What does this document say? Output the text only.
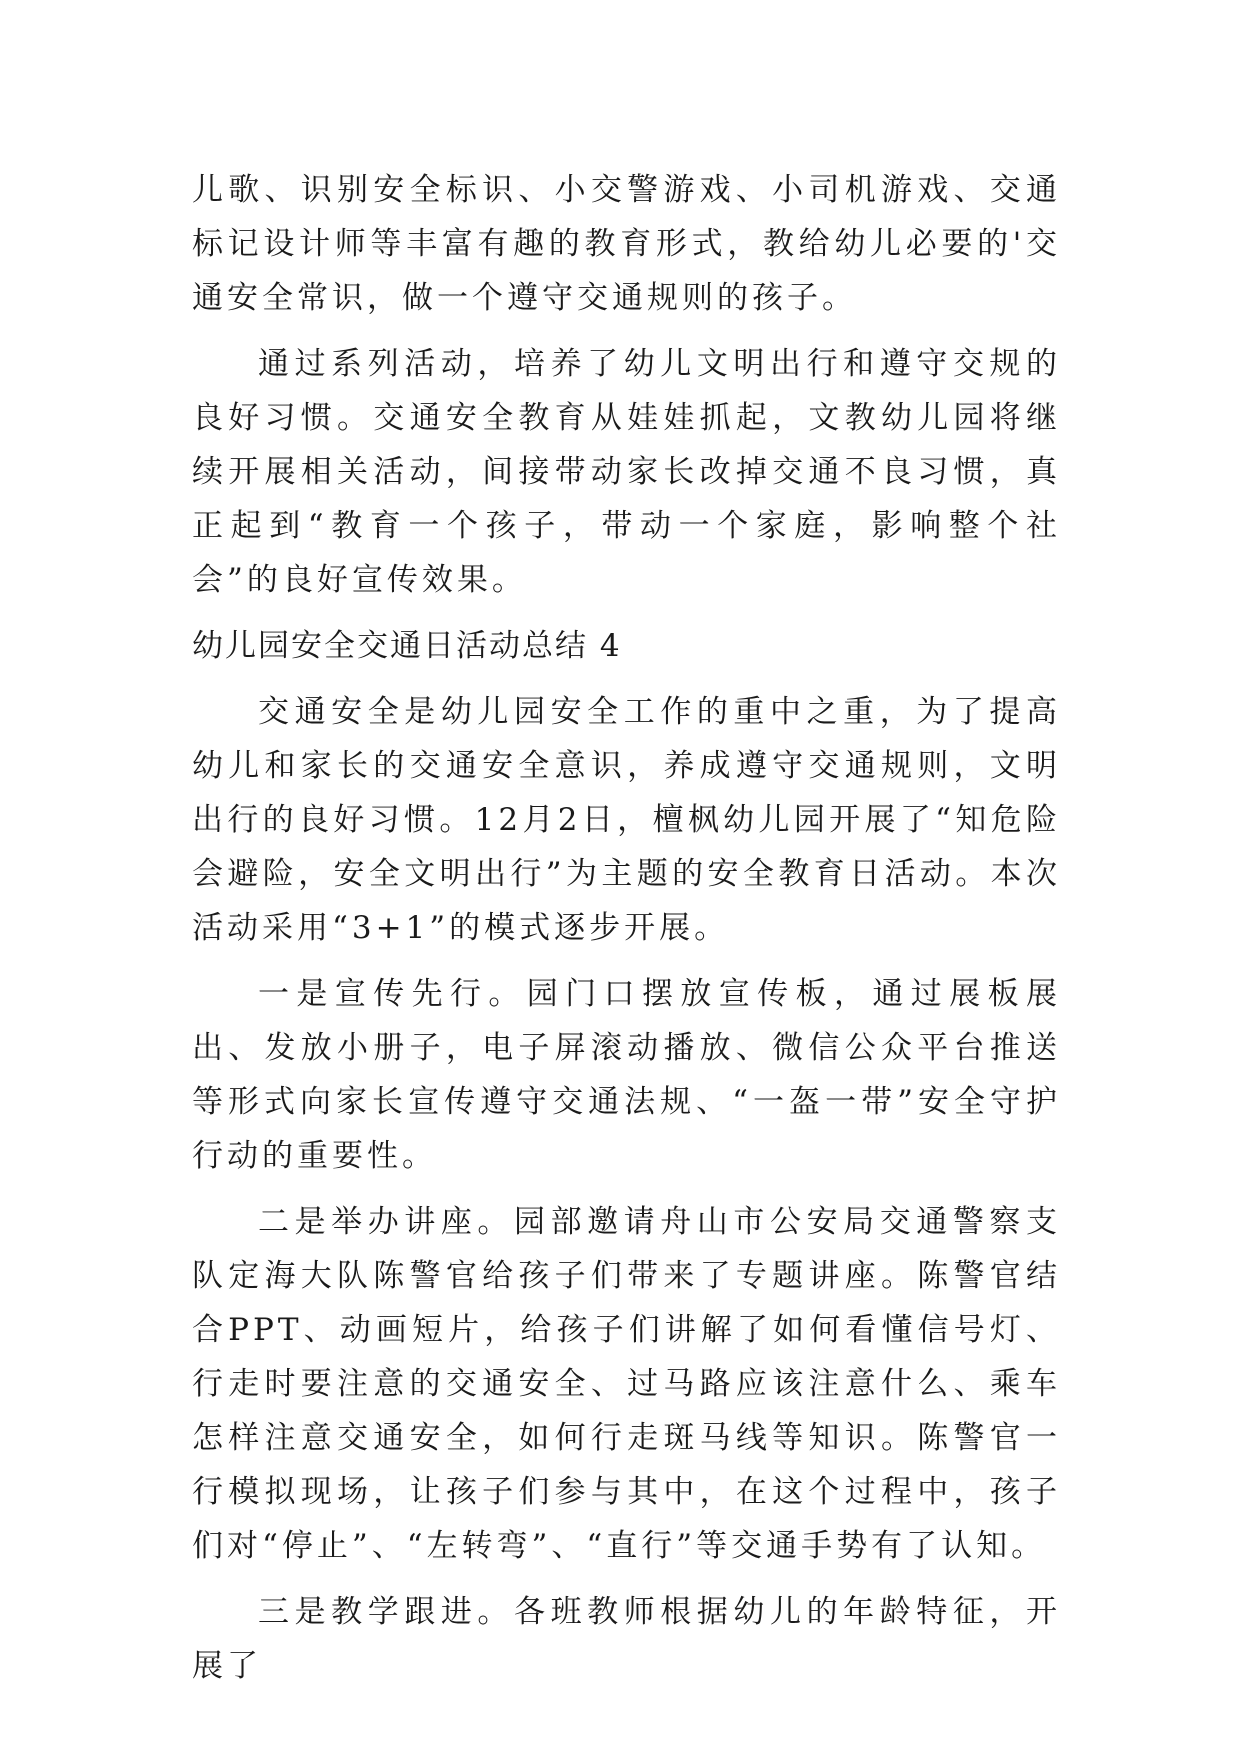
儿歌、识别安全标识、小交警游戏、小司机游戏、交通标记设计师等丰富有趣的教育形式，教给幼儿必要的'交通安全常识，做一个遵守交通规则的孩子。

通过系列活动，培养了幼儿文明出行和遵守交规的良好习惯。交通安全教育从娃娃抓起，文教幼儿园将继续开展相关活动，间接带动家长改掉交通不良习惯，真正起到“教育一个孩子，带动一个家庭，影响整个社会”的良好宣传效果。

幼儿园安全交通日活动总结 4

交通安全是幼儿园安全工作的重中之重，为了提高幼儿和家长的交通安全意识，养成遵守交通规则，文明出行的良好习惯。12月2日，檀枫幼儿园开展了“知危险会避险，安全文明出行”为主题的安全教育日活动。本次活动采用“3+1”的模式逐步开展。

一是宣传先行。园门口摆放宣传板，通过展板展出、发放小册子，电子屏滚动播放、微信公众平台推送等形式向家长宣传遵守交通法规、“一盔一带”安全守护行动的重要性。

二是举办讲座。园部邀请舟山市公安局交通警察支队定海大队陈警官给孩子们带来了专题讲座。陈警官结合PPT、动画短片，给孩子们讲解了如何看懂信号灯、行走时要注意的交通安全、过马路应该注意什么、乘车怎样注意交通安全，如何行走斑马线等知识。陈警官一行模拟现场，让孩子们参与其中，在这个过程中，孩子们对“停止”、“左转弯”、“直行”等交通手势有了认知。

三是教学跟进。各班教师根据幼儿的年龄特征，开展了
